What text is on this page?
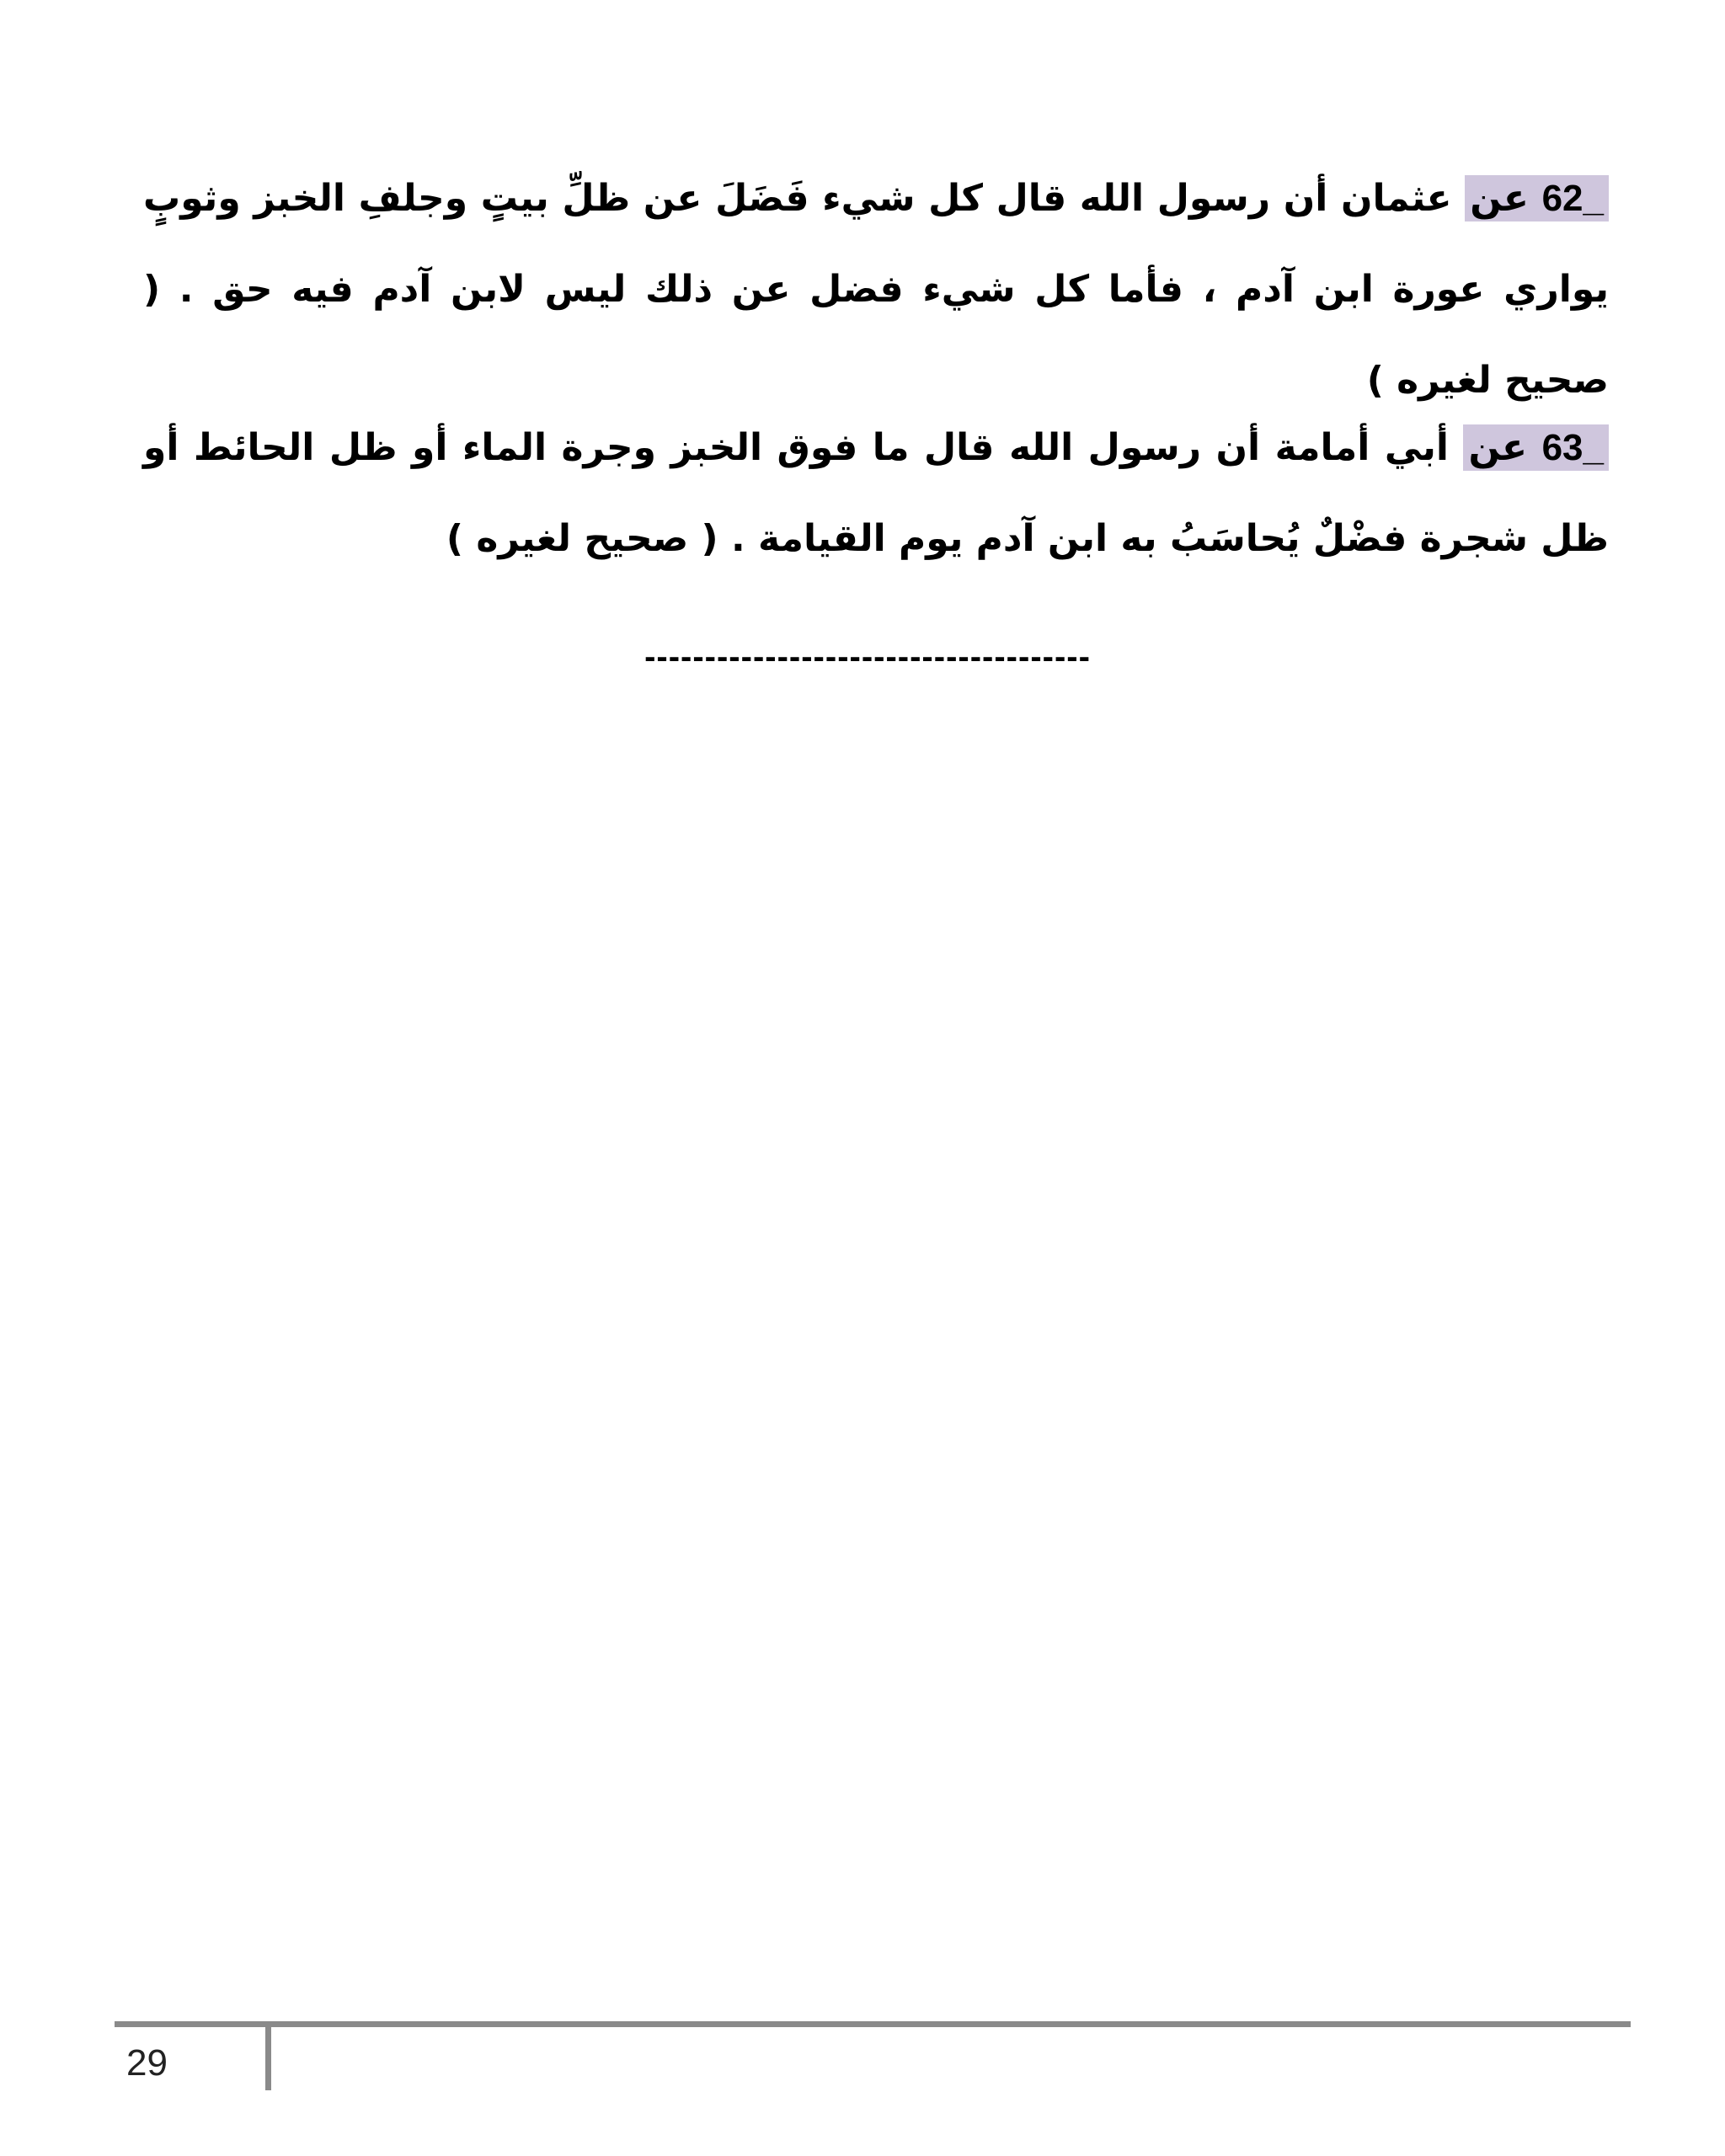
62_ عن عثمان أن رسول الله قال كل شيء فَضَلَ عن ظلِّ بيتٍ وجلفِ الخبز وثوبٍ يواري عورة ابن آدم ، فأما كل شيء فضل عن ذلك ليس لابن آدم فيه حق . ( صحيح لغيره )

63_ عن أبي أمامة أن رسول الله قال ما فوق الخبز وجرة الماء أو ظل الحائط أو ظل شجرة فضْلٌ يُحاسَبُ به ابن آدم يوم القيامة . ( صحيح لغيره )

-------------------------------------
29
